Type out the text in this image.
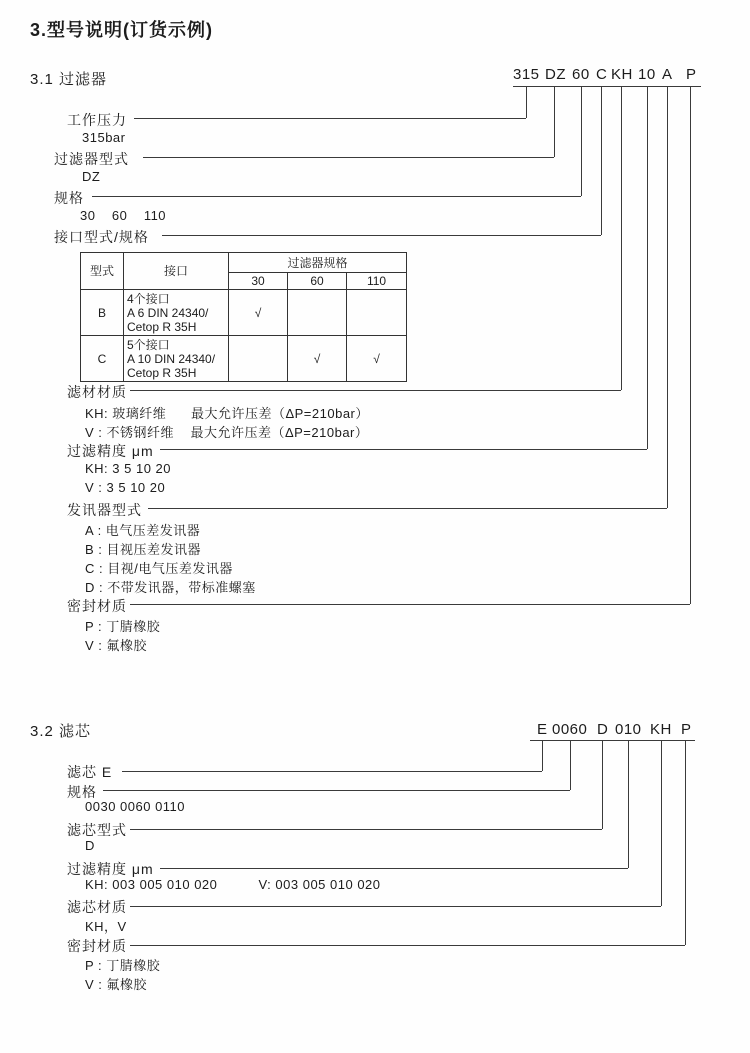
3.型号说明(订货示例)
3.1 过滤器	315 DZ 60 C KH 10 A P
工作压力
315bar
过滤器型式
DZ
规格
30    60    110
接口型式/规格
型式	接口	过滤器规格		
		30	60	110
B	4个接口
A 6 DIN 24340/
Cetop R 35H	√		
C	5个接口
A 10 DIN 24340/
Cetop R 35H		√	√
滤材材质
KH: 玻璃纤维      最大允许压差（ΔP=210bar）
V : 不锈钢纤维    最大允许压差（ΔP=210bar）
过滤精度 μm
KH: 3 5 10 20
V : 3 5 10 20
发讯器型式
A : 电气压差发讯器
B : 目视压差发讯器
C : 目视/电气压差发讯器
D : 不带发讯器，带标准螺塞
密封材质
P : 丁腈橡胶
V : 氟橡胶
3.2 滤芯	E 0060 D 010 KH P
滤芯 E
规格
0030 0060 0110
滤芯型式
D
过滤精度 μm
KH: 003 005 010 020          V: 003 005 010 020
滤芯材质
KH，V
密封材质
P : 丁腈橡胶
V : 氟橡胶
